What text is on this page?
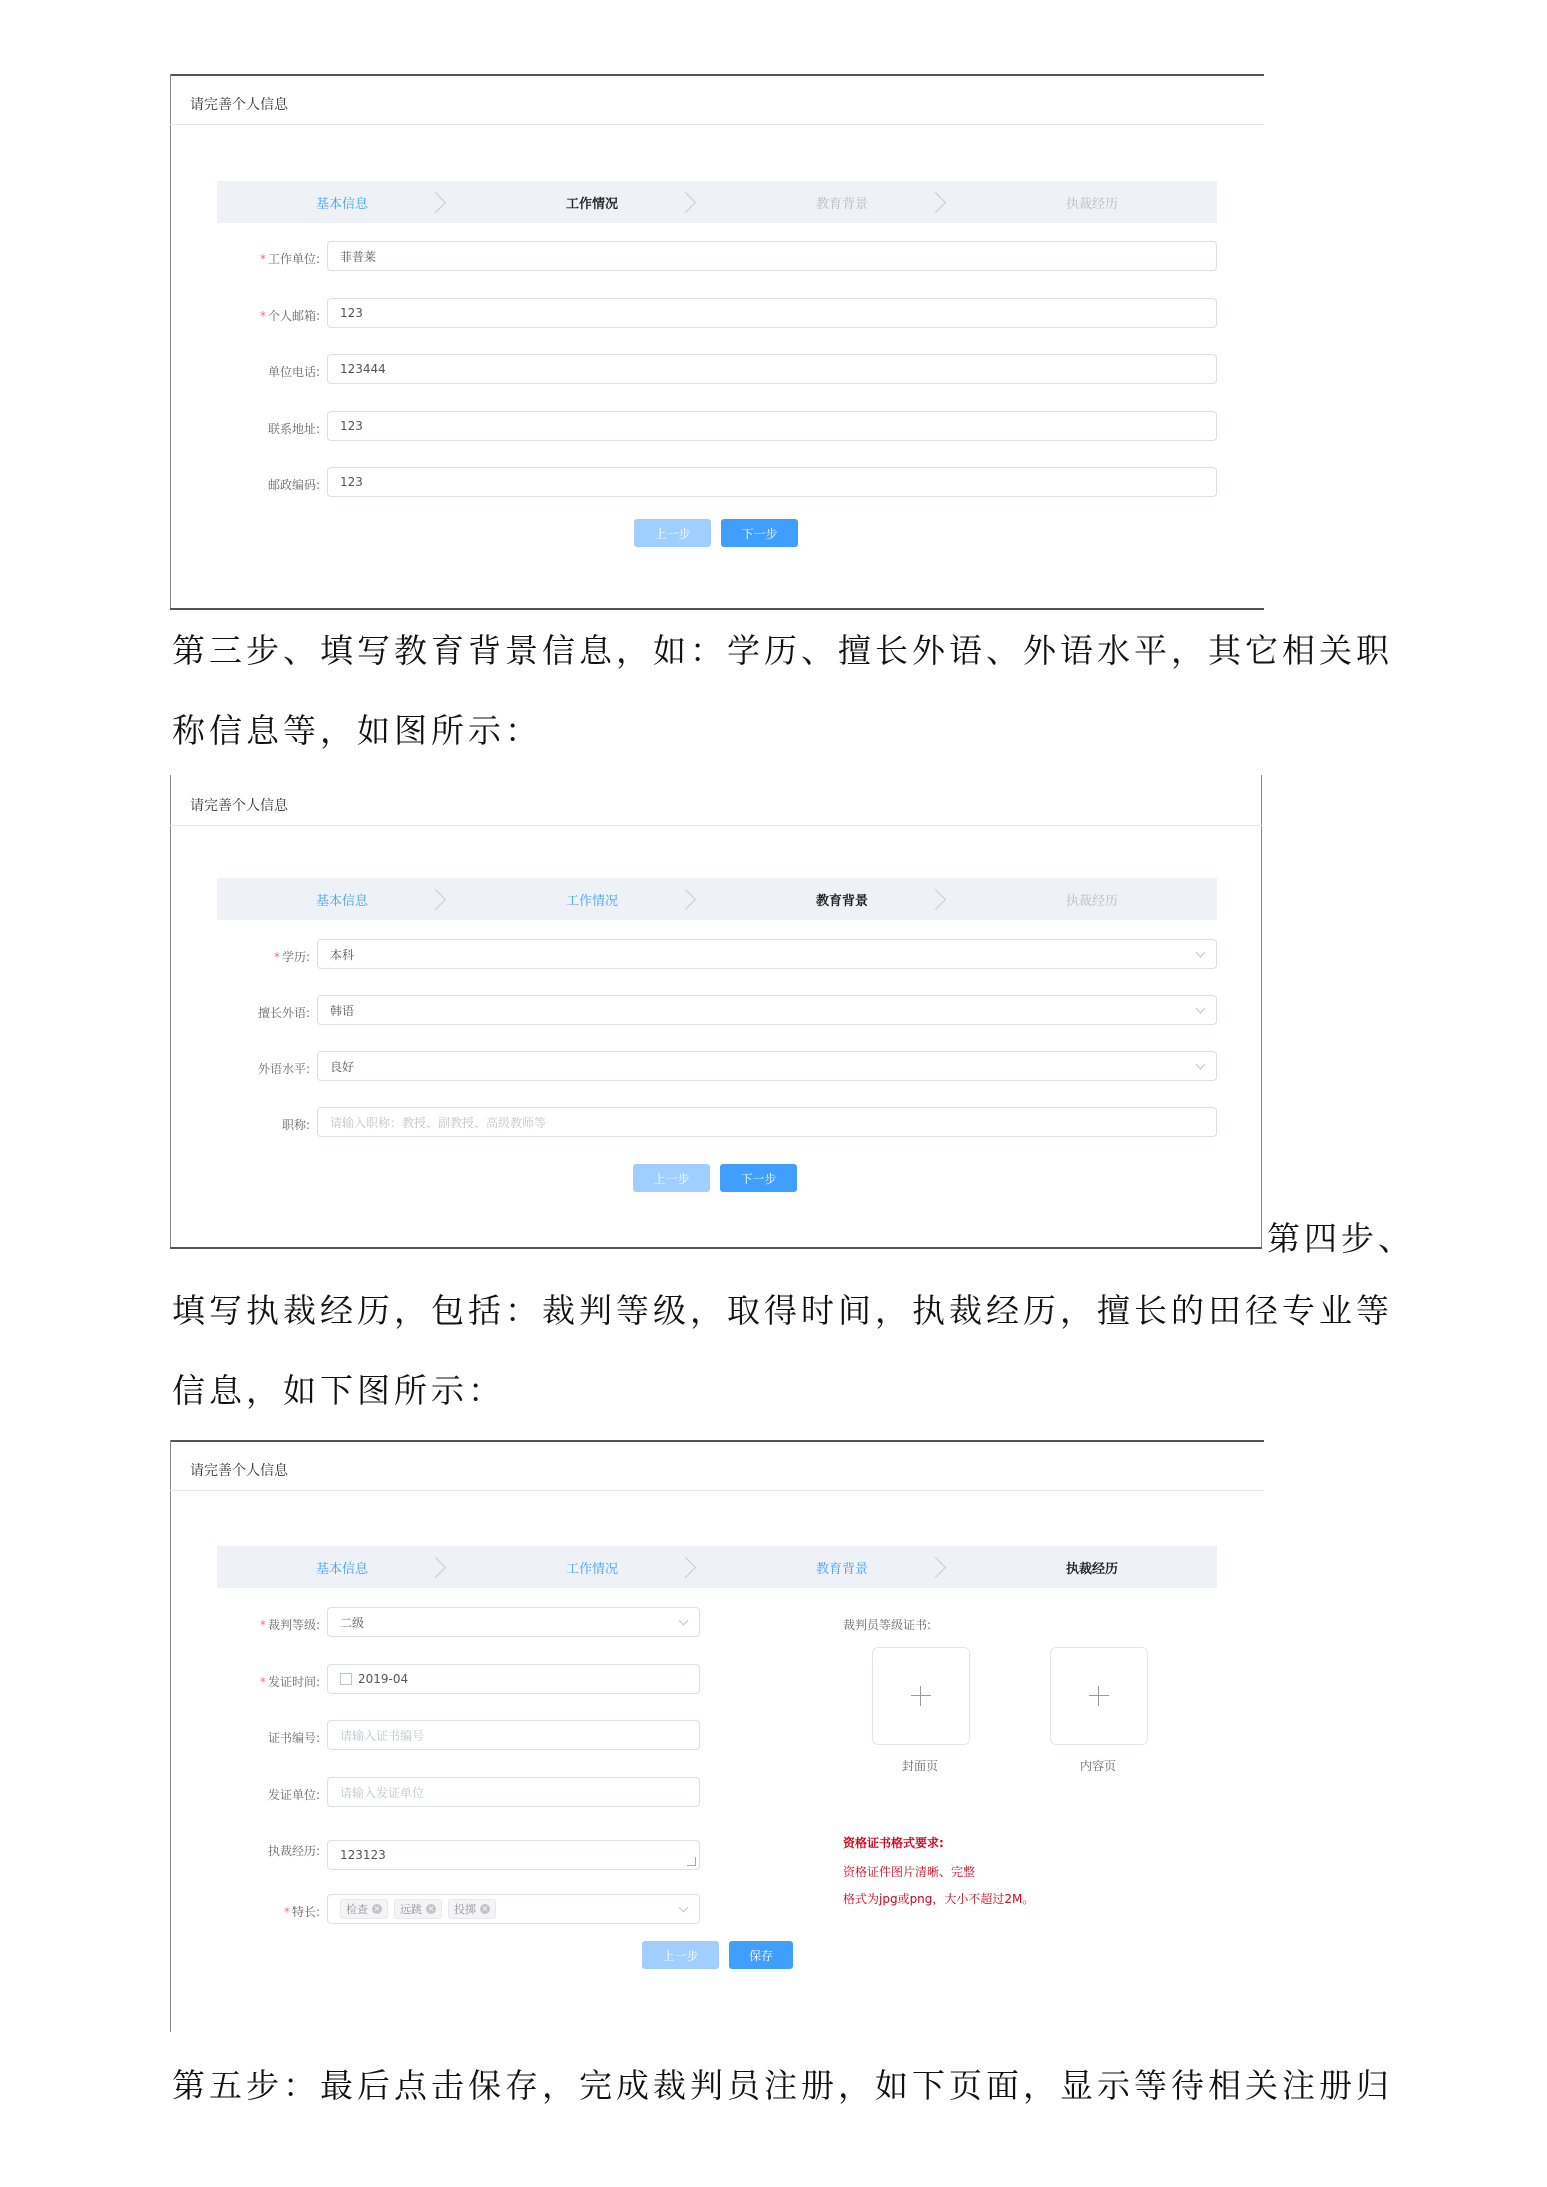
请完善个人信息
基本信息	工作情况	教育背景	执裁经历
* 工作单位:	菲普莱
* 个人邮箱:	123
单位电话:	123444
联系地址:	123
邮政编码:	123
上一步	下一步
第三步、填写教育背景信息，如：学历、擅长外语、外语水平，其它相关职
称信息等，如图所示：
请完善个人信息
基本信息	工作情况	教育背景	执裁经历
* 学历: 本科
擅长外语: 韩语
外语水平: 良好
职称:	请输入职称：教授、副教授、高级教师等
上一步	下一步
第四步、
填写执裁经历，包括：裁判等级，取得时间，执裁经历，擅长的田径专业等
信息，如下图所示：
请完善个人信息
基本信息	工作情况	教育背景	执裁经历
* 裁判等级: 二级
* 发证时间:	2019-04
证书编号:	请输入证书编号
发证单位:	请输入发证单位
执裁经历: 123123
* 特长: 检查 × 远跳 × 投掷 ×
裁判员等级证书:
封面页	内容页
资格证书格式要求:
资格证件图片清晰、完整
格式为jpg或png，大小不超过2M。
上一步	保存
第五步：最后点击保存，完成裁判员注册，如下页面，显示等待相关注册归
